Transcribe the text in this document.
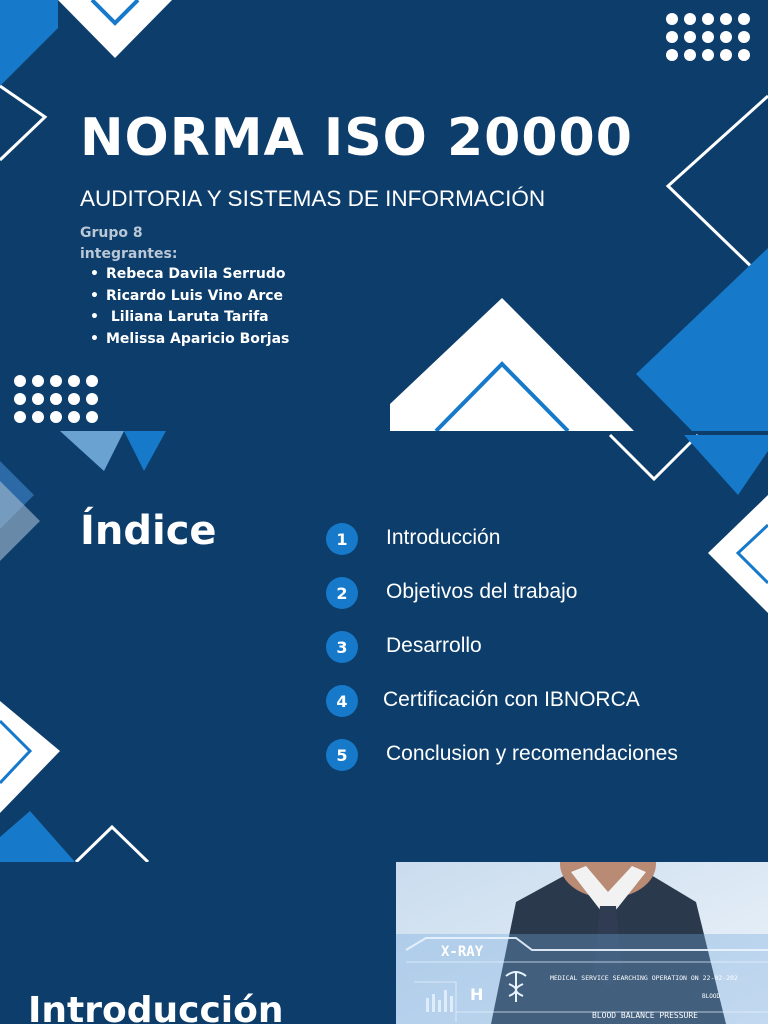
NORMA ISO 20000

AUDITORIA Y SISTEMAS DE INFORMACIÓN

Grupo 8

integrantes:

• Rebeca Davila Serrudo
• Ricardo Luis Vino Arce
• Liliana Laruta Tarifa
• Melissa Aparicio Borjas
Índice	1	Introducción
2	Objetivos del trabajo
3	Desarrollo
4	Certificación con IBNORCA
5	Conclusion y recomendaciones
X-RAY
H
MEDICAL SERVICE SEARCHING OPERATION ON 22-02-202
BLOOD
BLOOD BALANCE PRESSURE
Introducción
